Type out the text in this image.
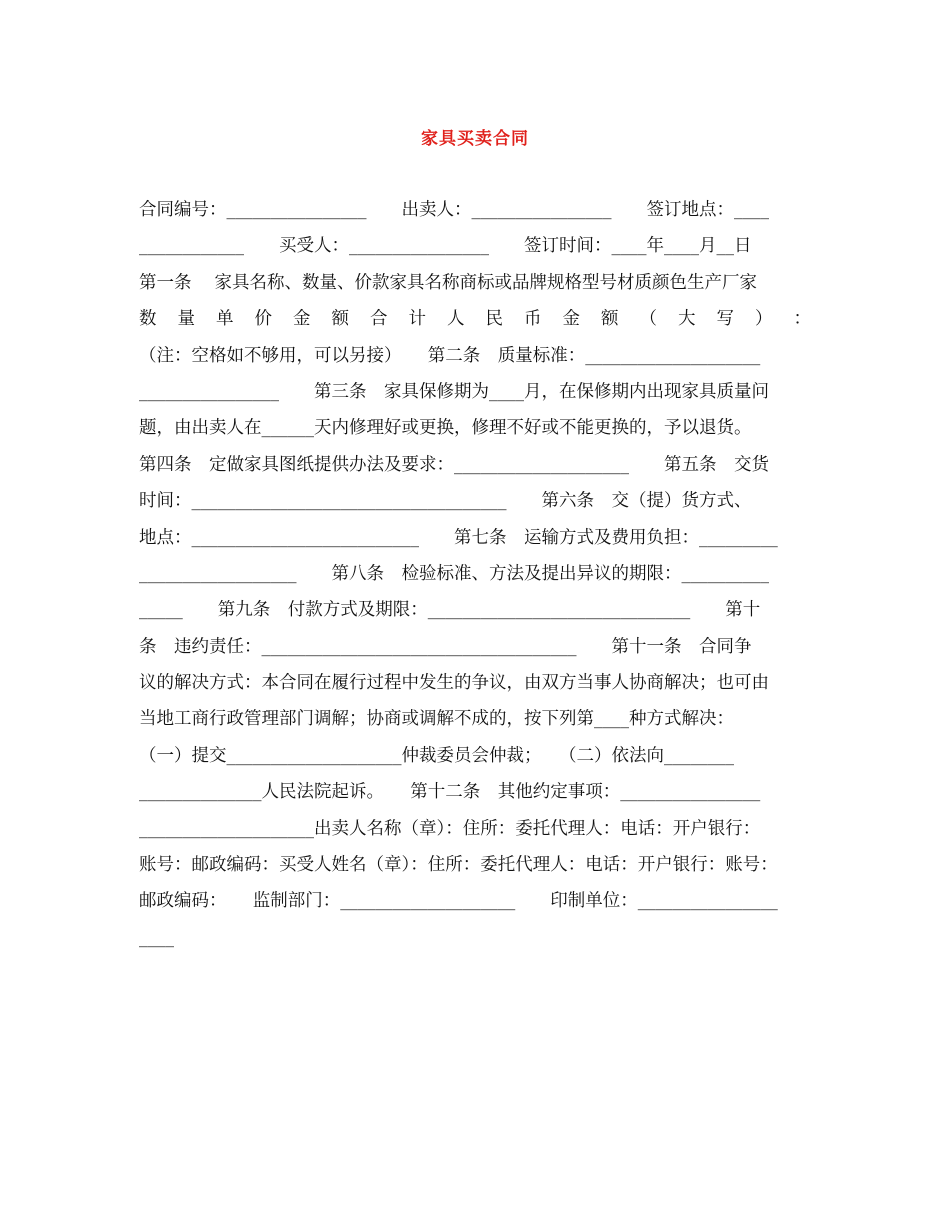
家具买卖合同
合同编号：________________　　出卖人：________________　　签订地点：____
____________　　买受人：________________　　签订时间：____年____月__日
第一条　 家具名称、数量、价款家具名称商标或品牌规格型号材质颜色生产厂家
数 量 单 价 金 额 合 计 人 民 币 金 额 （ 大 写 ） ：
（注：空格如不够用，可以另接）　　第二条　质量标准：____________________
________________　　第三条　家具保修期为____月，在保修期内出现家具质量问
题，由出卖人在______天内修理好或更换，修理不好或不能更换的，予以退货。
第四条　定做家具图纸提供办法及要求：____________________　　第五条　交货
时间：____________________________________　　第六条　交（提）货方式、
地点：__________________________　　第七条　运输方式及费用负担：_________
__________________　　第八条　检验标准、方法及提出异议的期限：__________
_____　　第九条　付款方式及期限：______________________________　　第十
条　违约责任：____________________________________　　第十一条　合同争
议的解决方式：本合同在履行过程中发生的争议，由双方当事人协商解决；也可由
当地工商行政管理部门调解；协商或调解不成的，按下列第____种方式解决：
（一）提交____________________仲裁委员会仲裁；　　（二）依法向________
______________人民法院起诉。　　第十二条　其他约定事项：________________
____________________出卖人名称（章）：住所：委托代理人：电话：开户银行：
账号：邮政编码：买受人姓名（章）：住所：委托代理人：电话：开户银行：账号：
邮政编码：　　监制部门：____________________　　印制单位：________________
____
